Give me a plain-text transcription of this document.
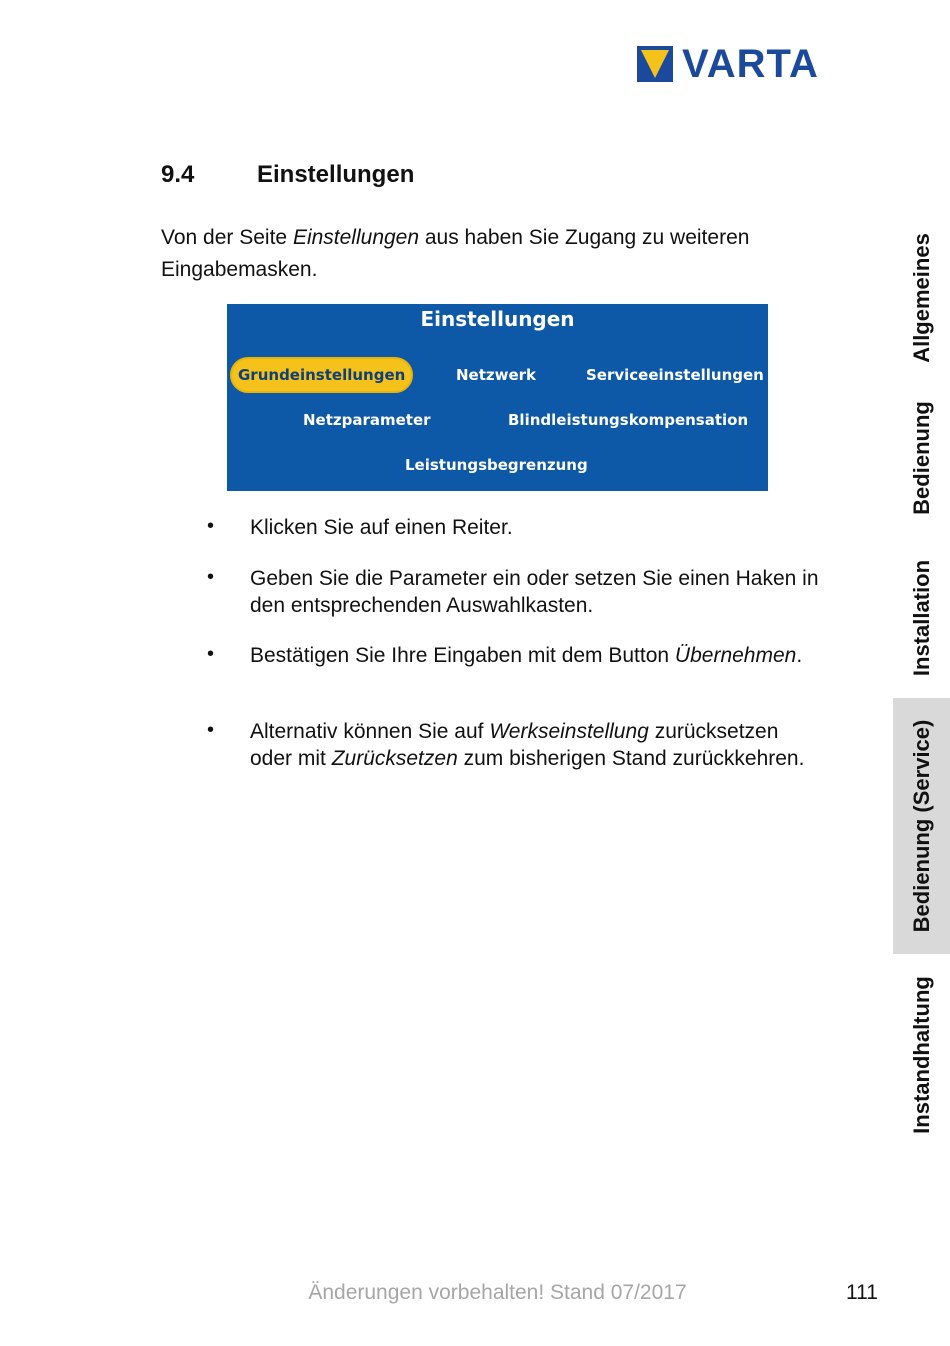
VARTA
9.4	Einstellungen

Von der Seite Einstellungen aus haben Sie Zugang zu weiteren Eingabemasken.

Einstellungen
Grundeinstellungen	Netzwerk	Serviceeinstellungen
Netzparameter	Blindleistungskompensation
Leistungsbegrenzung
• Klicken Sie auf einen Reiter.
• Geben Sie die Parameter ein oder setzen Sie einen Haken in den entsprechenden Auswahlkasten.
• Bestätigen Sie Ihre Eingaben mit dem Button Übernehmen.
• Alternativ können Sie auf Werkseinstellung zurücksetzen oder mit Zurücksetzen zum bisherigen Stand zurückkehren.
Allgemeines
Bedienung
Installation
Bedienung (Service)
Instandhaltung
Änderungen vorbehalten! Stand 07/2017	111
